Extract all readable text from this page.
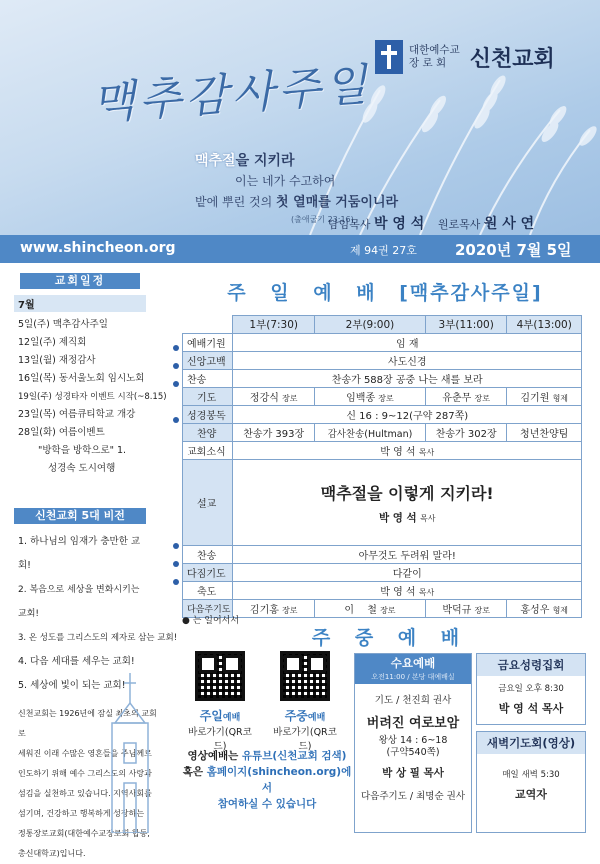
맥추감사주일
대한예수교
장 로 회	신천교회
맥추절을 지키라
이는 네가 수고하여
밭에 뿌린 것의 첫 열매를 거둠이니라
(출애굽기 23:16)
담임목사 박 영 석 원로목사 원 사 연
www.shincheon.org	제 94권 27호	2020년 7월 5일
교회일정
7월
5일(주) 맥추감사주일
12일(주) 제직회
13일(월) 재정감사
16일(목) 동서울노회 임시노회
19일(주) 성경타자 이벤트 시작(~8.15)
23일(목) 여름큐티학교 개강
28일(화) 여름이벤트
"방학을 방학으로" 1.
성경속 도시여행
신천교회 5대 비전
1. 하나님의 임재가 충만한 교회!
2. 복음으로 세상을 변화시키는 교회!
3. 온 성도를 그리스도의 제자로 삼는 교회!
4. 다음 세대를 세우는 교회!
5. 세상에 빛이 되는 교회!
신천교회는 1926년에 잠실 최초의 교회로
세워진 이래 수많은 영혼들을 주님께로
인도하기 위해 예수 그리스도의 사랑과
섬김을 실천하고 있습니다. 지역사회를
섬기며, 건강하고 행복하게 성장하는
정통장로교회(대한예수교장로회 합동,
총신대학교)입니다.
주 일 예 배 [맥추감사주일]
	1부(7:30)	2부(9:00)	3부(11:00)	4부(13:00)
예배기원	임 재			
신앙고백	사도신경			
찬송	찬송가 588장 공중 나는 새를 보라			
기도	정강식 장로	임백종 장로	유춘무 장로	김기원 형제
성경봉독	신 16 : 9~12(구약 287쪽)			
찬양	찬송가 393장	감사찬송(Hultman)	찬송가 302장	청년찬양팀
교회소식	박 영 석 목사			
설교	맥추절을 이렇게 지키라!
박 영 석 목사			

찬송	아무것도 두려워 말라!			
다짐기도	다같이			
축도	박 영 석 목사			
다음주기도	김기홍 장로	이 　철 장로	박덕규 장로	홍성우 형제
● 는 일어서서
주 중 예 배
주일예배
바로가기(QR코드)
주중예배
바로가기(QR코드)
영상예배는 유튜브(신천교회 검색)
혹은 홈페이지(shincheon.org)에서
참여하실 수 있습니다
수요예배
오전11:00 / 본당 대예배실
기도 / 천진희 권사
버려진 여로보암
왕상 14 : 6~18
(구약540쪽)
박 상 필 목사
다음주기도 / 최명순 권사
금요성령집회
금요일 오후 8:30
박 영 석 목사
새벽기도회(영상)
매일 새벽 5:30
교역자
